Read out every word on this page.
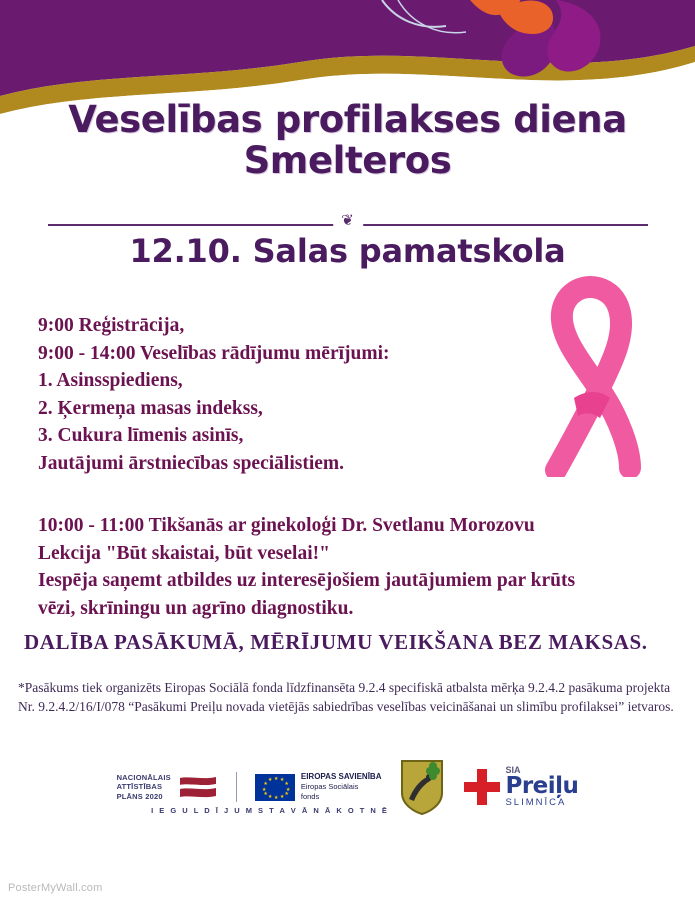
Veselības profilakses diena
Smelteros
❦
12.10. Salas pamatskola
9:00 Reģistrācija,
9:00 - 14:00 Veselības rādījumu mērījumi:
1. Asinsspiediens,
2. Ķermeņa masas indekss,
3. Cukura līmenis asinīs,
Jautājumi ārstniecības speciālistiem.
10:00 - 11:00 Tikšanās ar ginekoloģi Dr. Svetlanu Morozovu
Lekcija "Būt skaistai, būt veselai!"
Iespēja saņemt atbildes uz interesējošiem jautājumiem par krūts
vēzi, skrīningu un agrīno diagnostiku.
DALĪBA PASĀKUMĀ, MĒRĪJUMU VEIKŠANA BEZ MAKSAS.
*Pasākums tiek organizēts Eiropas Sociālā fonda līdzfinansēta 9.2.4 specifiskā atbalsta mērķa 9.2.4.2 pasākuma projekta Nr. 9.2.4.2/16/I/078 “Pasākumi Preiļu novada vietējās sabiedrības veselības veicināšanai un slimību profilaksei” ietvaros.
NACIONĀLAIS
ATTĪSTĪBAS
PLĀNS 2020
★ ★
★
★
★
★
★
★
★
★
★
★	EIROPAS SAVIENĪBA
Eiropas Sociālais
fonds
SIA
Preiļu
SLIMNĪCA
I E G U L D Ī J U M S T A V Ā N Ā K O T N Ē
PosterMyWall.com
